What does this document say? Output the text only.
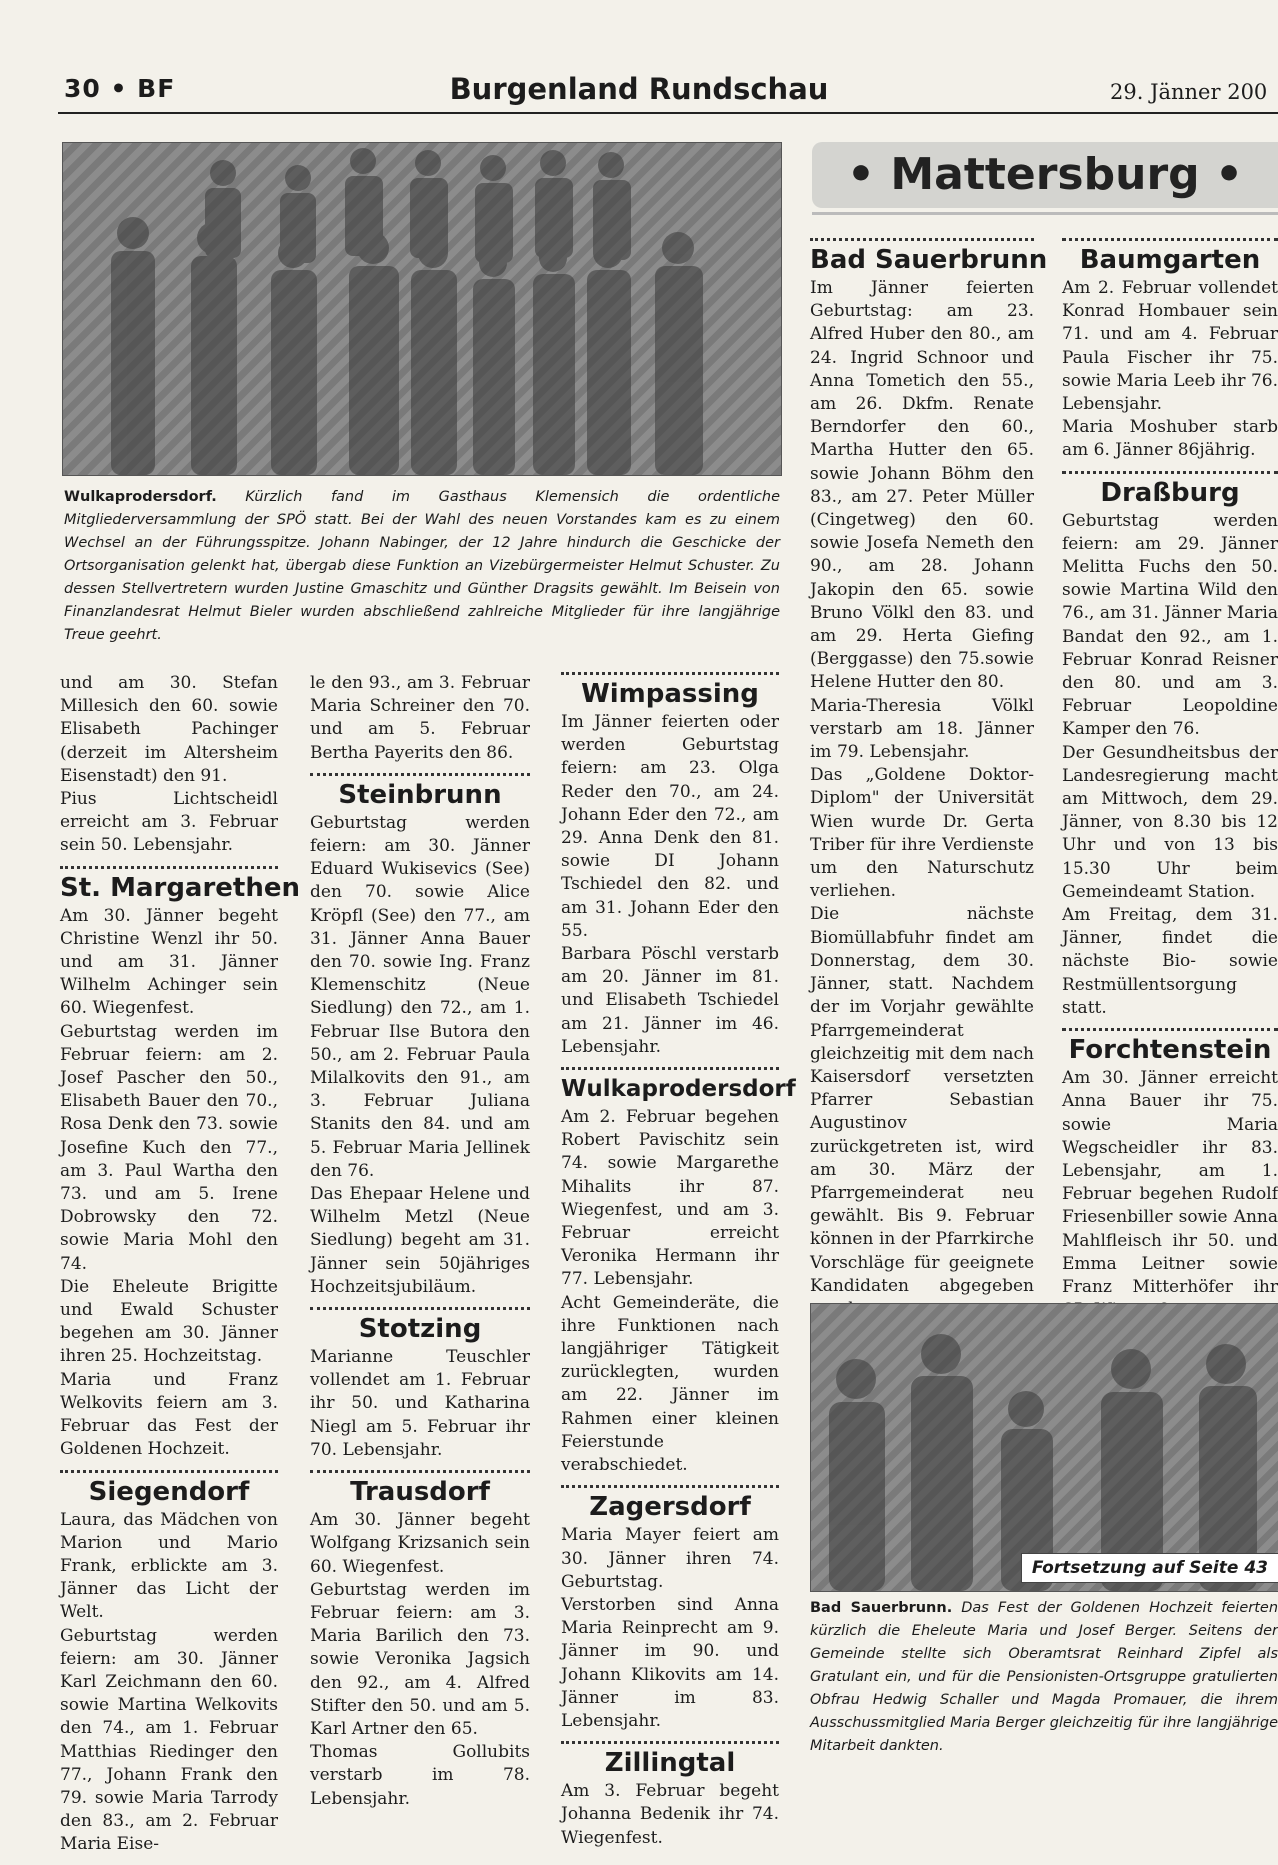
30 • BF	Burgenland Rundschau	29. Jänner 200

Wulkaprodersdorf. Kürzlich fand im Gasthaus Klemensich die ordentliche Mitgliederversammlung der SPÖ statt. Bei der Wahl des neuen Vorstandes kam es zu einem Wechsel an der Führungsspitze. Johann Nabinger, der 12 Jahre hindurch die Geschicke der Ortsorganisation gelenkt hat, übergab diese Funktion an Vizebürgermeister Helmut Schuster. Zu dessen Stellvertretern wurden Justine Gmaschitz und Günther Dragsits gewählt. Im Beisein von Finanzlandesrat Helmut Bieler wurden abschließend zahlreiche Mitglieder für ihre langjährige Treue geehrt.

• Mattersburg •

und am 30. Stefan Millesich den 60. sowie Elisabeth Pachinger (derzeit im Altersheim Eisenstadt) den 91.

Pius Lichtscheidl erreicht am 3. Februar sein 50. Lebensjahr.

St. Margarethen

Am 30. Jänner begeht Christine Wenzl ihr 50. und am 31. Jänner Wilhelm Achinger sein 60. Wiegenfest.

Geburtstag werden im Februar feiern: am 2. Josef Pascher den 50., Elisabeth Bauer den 70., Rosa Denk den 73. sowie Josefine Kuch den 77., am 3. Paul Wartha den 73. und am 5. Irene Dobrowsky den 72. sowie Maria Mohl den 74.

Die Eheleute Brigitte und Ewald Schuster begehen am 30. Jänner ihren 25. Hochzeitstag.

Maria und Franz Welkovits feiern am 3. Februar das Fest der Goldenen Hochzeit.

Siegendorf

Laura, das Mädchen von Marion und Mario Frank, erblickte am 3. Jänner das Licht der Welt.

Geburtstag werden feiern: am 30. Jänner Karl Zeichmann den 60. sowie Martina Welkovits den 74., am 1. Februar Matthias Riedinger den 77., Johann Frank den 79. sowie Maria Tarrody den 83., am 2. Februar Maria Eise-

le den 93., am 3. Februar Maria Schreiner den 70. und am 5. Februar Bertha Payerits den 86.

Steinbrunn

Geburtstag werden feiern: am 30. Jänner Eduard Wukisevics (See) den 70. sowie Alice Kröpfl (See) den 77., am 31. Jänner Anna Bauer den 70. sowie Ing. Franz Klemenschitz (Neue Siedlung) den 72., am 1. Februar Ilse Butora den 50., am 2. Februar Paula Milalkovits den 91., am 3. Februar Juliana Stanits den 84. und am 5. Februar Maria Jellinek den 76.

Das Ehepaar Helene und Wilhelm Metzl (Neue Siedlung) begeht am 31. Jänner sein 50jähriges Hochzeitsjubiläum.

Stotzing

Marianne Teuschler vollendet am 1. Februar ihr 50. und Katharina Niegl am 5. Februar ihr 70. Lebensjahr.

Trausdorf

Am 30. Jänner begeht Wolfgang Krizsanich sein 60. Wiegenfest.

Geburtstag werden im Februar feiern: am 3. Maria Barilich den 73. sowie Veronika Jagsich den 92., am 4. Alfred Stifter den 50. und am 5. Karl Artner den 65.

Thomas Gollubits verstarb im 78. Lebensjahr.

Wimpassing

Im Jänner feierten oder werden Geburtstag feiern: am 23. Olga Reder den 70., am 24. Johann Eder den 72., am 29. Anna Denk den 81. sowie DI Johann Tschiedel den 82. und am 31. Johann Eder den 55.

Barbara Pöschl verstarb am 20. Jänner im 81. und Elisabeth Tschiedel am 21. Jänner im 46. Lebensjahr.

Wulkaprodersdorf

Am 2. Februar begehen Robert Pavischitz sein 74. sowie Margarethe Mihalits ihr 87. Wiegenfest, und am 3. Februar erreicht Veronika Hermann ihr 77. Lebensjahr.

Acht Gemeinderäte, die ihre Funktionen nach langjähriger Tätigkeit zurücklegten, wurden am 22. Jänner im Rahmen einer kleinen Feierstunde verabschiedet.

Zagersdorf

Maria Mayer feiert am 30. Jänner ihren 74. Geburtstag.

Verstorben sind Anna Maria Reinprecht am 9. Jänner im 90. und Johann Klikovits am 14. Jänner im 83. Lebensjahr.

Zillingtal

Am 3. Februar begeht Johanna Bedenik ihr 74. Wiegenfest.

Bad Sauerbrunn

Im Jänner feierten Geburtstag: am 23. Alfred Huber den 80., am 24. Ingrid Schnoor und Anna Tometich den 55., am 26. Dkfm. Renate Berndorfer den 60., Martha Hutter den 65. sowie Johann Böhm den 83., am 27. Peter Müller (Cingetweg) den 60. sowie Josefa Nemeth den 90., am 28. Johann Jakopin den 65. sowie Bruno Völkl den 83. und am 29. Herta Giefing (Berggasse) den 75.sowie Helene Hutter den 80.

Maria-Theresia Völkl verstarb am 18. Jänner im 79. Lebensjahr.

Das „Goldene Doktor-Diplom" der Universität Wien wurde Dr. Gerta Triber für ihre Verdienste um den Naturschutz verliehen.

Die nächste Biomüllabfuhr findet am Donnerstag, dem 30. Jänner, statt. Nachdem der im Vorjahr gewählte Pfarrgemeinderat gleichzeitig mit dem nach Kaisersdorf versetzten Pfarrer Sebastian Augustinov zurückgetreten ist, wird am 30. März der Pfarrgemeinderat neu gewählt. Bis 9. Februar können in der Pfarrkirche Vorschläge für geeignete Kandidaten abgegeben

Baumgarten

Am 2. Februar vollendet Konrad Hombauer sein 71. und am 4. Februar Paula Fischer ihr 75. sowie Maria Leeb ihr 76. Lebensjahr.

Maria Moshuber starb am 6. Jänner 86jährig.

Draßburg

Geburtstag werden feiern: am 29. Jänner Melitta Fuchs den 50. sowie Martina Wild den 76., am 31. Jänner Maria Bandat den 92., am 1. Februar Konrad Reisner den 80. und am 3. Februar Leopoldine Kamper den 76.

Der Gesundheitsbus der Landesregierung macht am Mittwoch, dem 29. Jänner, von 8.30 bis 12 Uhr und von 13 bis 15.30 Uhr beim Gemeindeamt Station.

Am Freitag, dem 31. Jänner, findet die nächste Bio- sowie Restmüllentsorgung statt.

Forchtenstein

Am 30. Jänner erreicht Anna Bauer ihr 75. sowie Maria Wegscheidler ihr 83. Lebensjahr, am 1. Februar begehen Rudolf Friesenbiller sowie Anna Mahlfleisch ihr 50. und Emma Leitner sowie Franz Mitterhöfer ihr

Fortsetzung auf Seite 43

Bad Sauerbrunn. Das Fest der Goldenen Hochzeit feierten kürzlich die Eheleute Maria und Josef Berger. Seitens der Gemeinde stellte sich Oberamtsrat Reinhard Zipfel als Gratulant ein, und für die Pensionisten-Ortsgruppe gratulierten Obfrau Hedwig Schaller und Magda Promauer, die ihrem Ausschussmitglied Maria Berger gleichzeitig für ihre langjährige Mitarbeit dankten.
